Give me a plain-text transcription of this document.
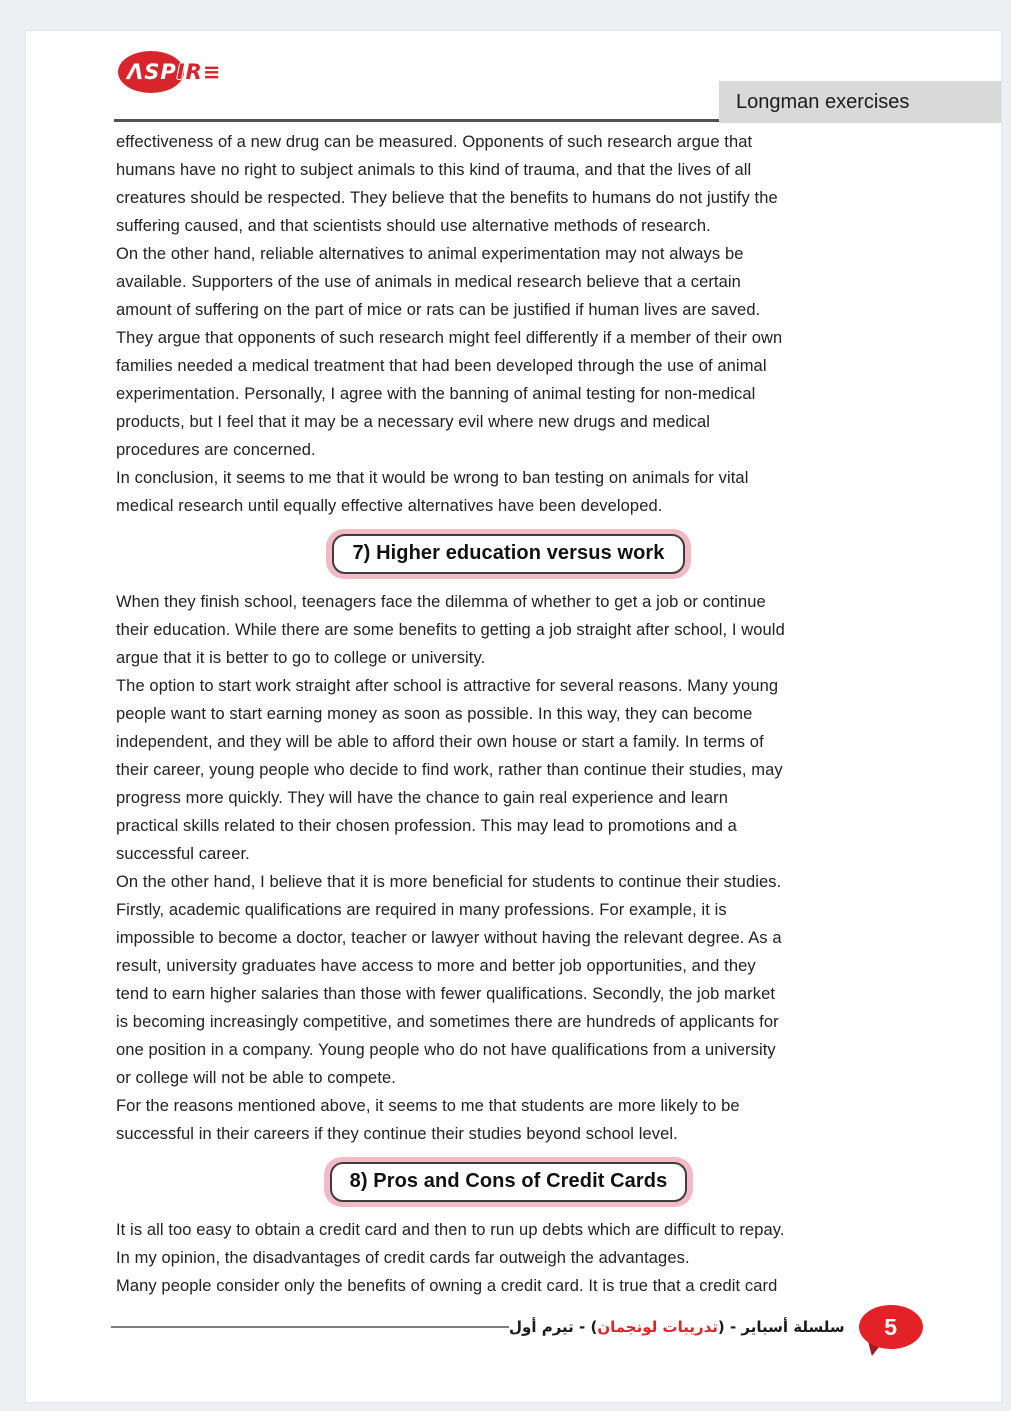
ΛSPIR≡
Longman exercises

effectiveness of a new drug can be measured. Opponents of such research argue that
humans have no right to subject animals to this kind of trauma, and that the lives of all
creatures should be respected. They believe that the benefits to humans do not justify the
suffering caused, and that scientists should use alternative methods of research.

On the other hand, reliable alternatives to animal experimentation may not always be
available. Supporters of the use of animals in medical research believe that a certain
amount of suffering on the part of mice or rats can be justified if human lives are saved.
They argue that opponents of such research might feel differently if a member of their own
families needed a medical treatment that had been developed through the use of animal
experimentation. Personally, I agree with the banning of animal testing for non-medical
products, but I feel that it may be a necessary evil where new drugs and medical
procedures are concerned.

In conclusion, it seems to me that it would be wrong to ban testing on animals for vital
medical research until equally effective alternatives have been developed.

7) Higher education versus work

When they finish school, teenagers face the dilemma of whether to get a job or continue
their education. While there are some benefits to getting a job straight after school, I would
argue that it is better to go to college or university.

The option to start work straight after school is attractive for several reasons. Many young
people want to start earning money as soon as possible. In this way, they can become
independent, and they will be able to afford their own house or start a family. In terms of
their career, young people who decide to find work, rather than continue their studies, may
progress more quickly. They will have the chance to gain real experience and learn
practical skills related to their chosen profession. This may lead to promotions and a
successful career.

On the other hand, I believe that it is more beneficial for students to continue their studies.
Firstly, academic qualifications are required in many professions. For example, it is
impossible to become a doctor, teacher or lawyer without having the relevant degree. As a
result, university graduates have access to more and better job opportunities, and they
tend to earn higher salaries than those with fewer qualifications. Secondly, the job market
is becoming increasingly competitive, and sometimes there are hundreds of applicants for
one position in a company. Young people who do not have qualifications from a university
or college will not be able to compete.

For the reasons mentioned above, it seems to me that students are more likely to be
successful in their careers if they continue their studies beyond school level.

8) Pros and Cons of Credit Cards

It is all too easy to obtain a credit card and then to run up debts which are difficult to repay.
In my opinion, the disadvantages of credit cards far outweigh the advantages.
Many people consider only the benefits of owning a credit card. It is true that a credit card

سلسلة أسباير - (تدريبات لونجمان) - تيرم أول	5
